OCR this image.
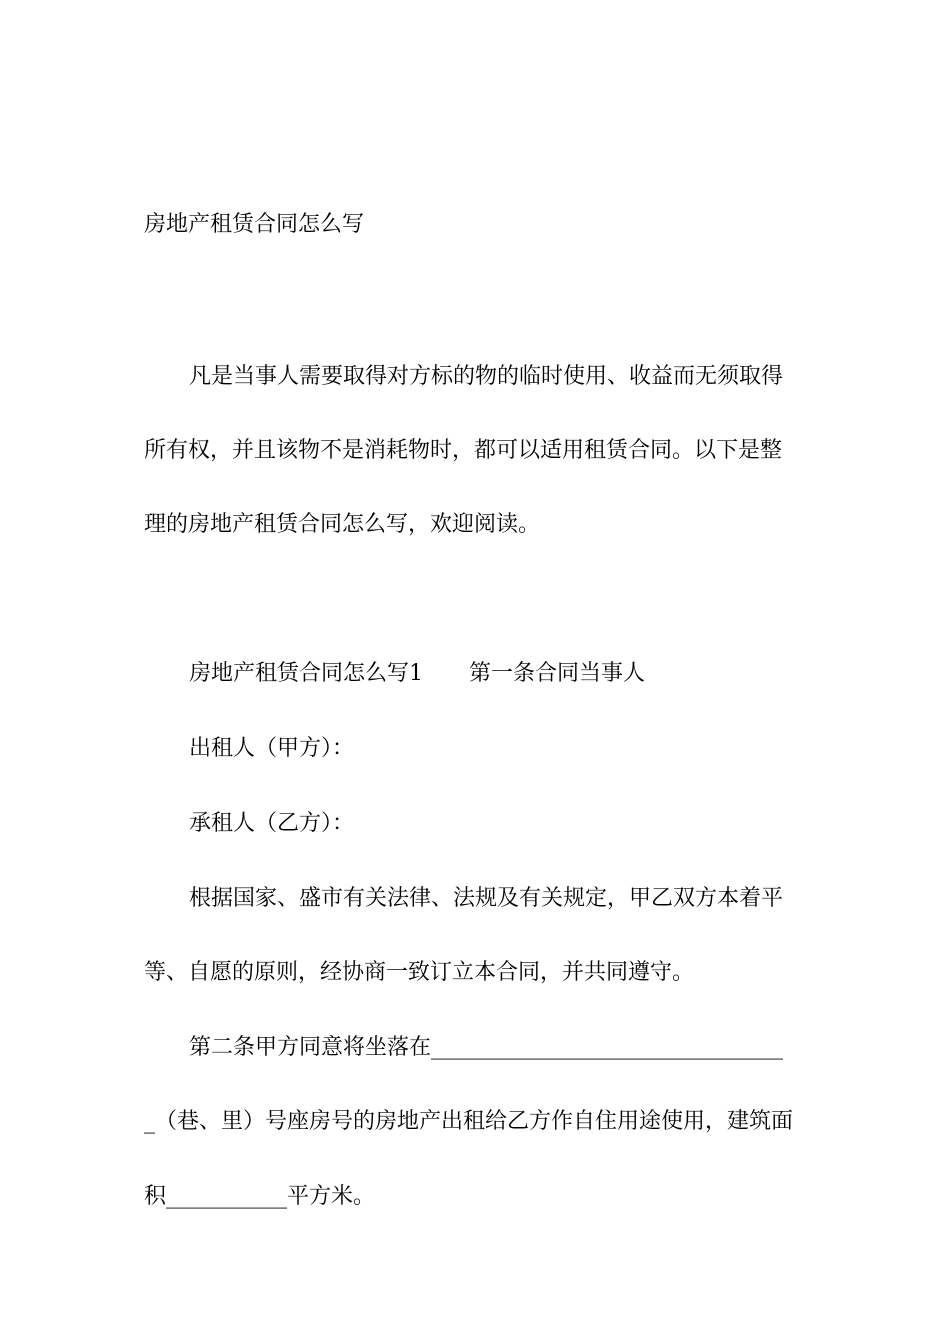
房地产租赁合同怎么写

凡是当事人需要取得对方标的物的临时使用、收益而无须取得

所有权，并且该物不是消耗物时，都可以适用租赁合同。以下是整

理的房地产租赁合同怎么写，欢迎阅读。

房地产租赁合同怎么写1 第一条合同当事人

出租人（甲方）：

承租人（乙方）：

根据国家、盛市有关法律、法规及有关规定，甲乙双方本着平

等、自愿的原则，经协商一致订立本合同，并共同遵守。

第二条甲方同意将坐落在________________________________

_（巷、里）号座房号的房地产出租给乙方作自住用途使用，建筑面

积___________平方米。
